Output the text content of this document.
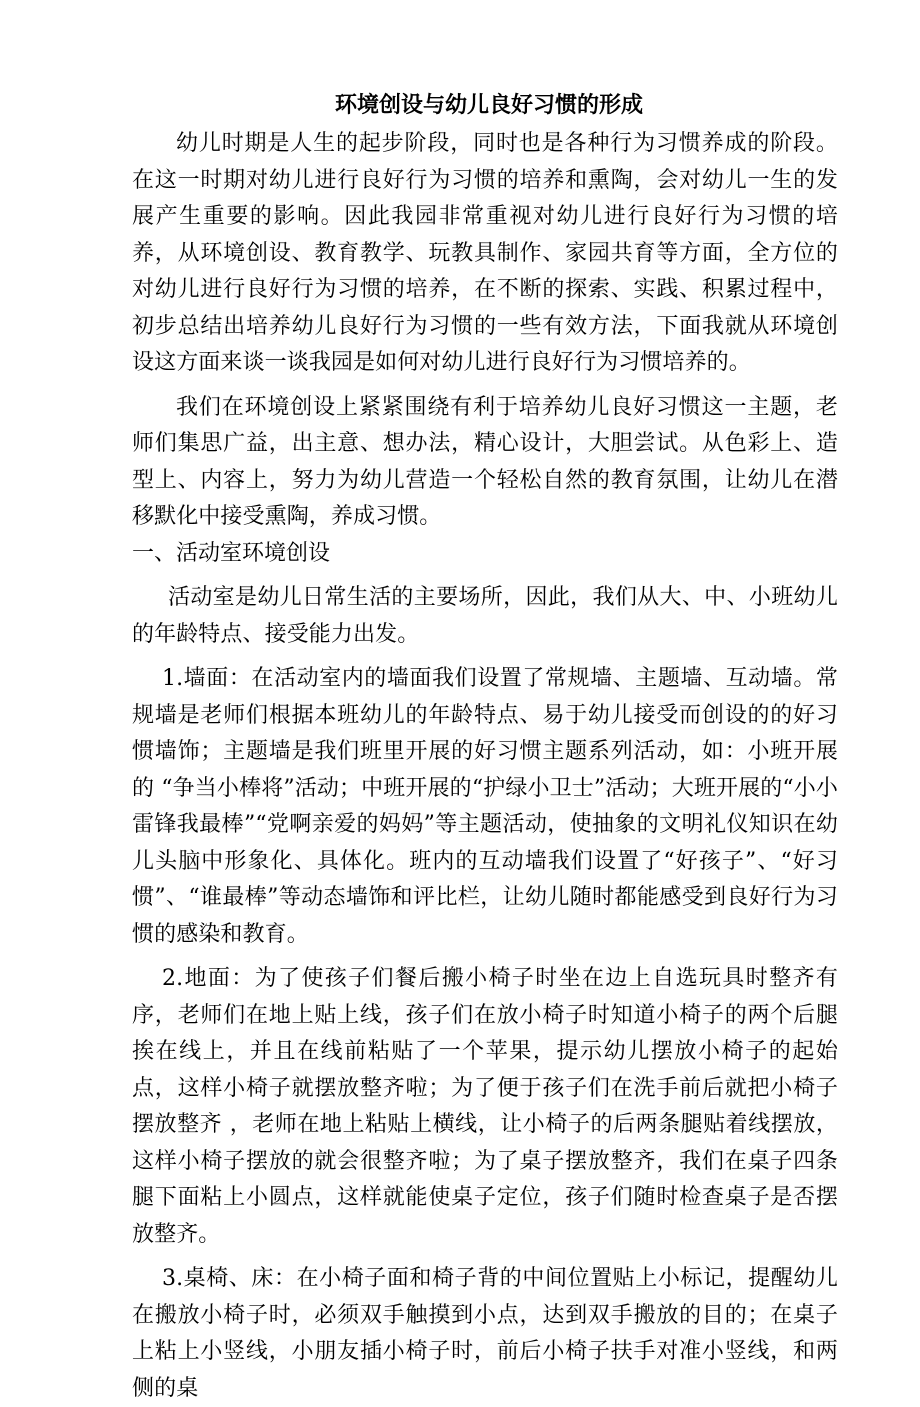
环境创设与幼儿良好习惯的形成

幼儿时期是人生的起步阶段，同时也是各种行为习惯养成的阶段。在这一时期对幼儿进行良好行为习惯的培养和熏陶，会对幼儿一生的发展产生重要的影响。因此我园非常重视对幼儿进行良好行为习惯的培养，从环境创设、教育教学、玩教具制作、家园共育等方面，全方位的对幼儿进行良好行为习惯的培养，在不断的探索、实践、积累过程中，初步总结出培养幼儿良好行为习惯的一些有效方法，下面我就从环境创设这方面来谈一谈我园是如何对幼儿进行良好行为习惯培养的。

我们在环境创设上紧紧围绕有利于培养幼儿良好习惯这一主题，老师们集思广益，出主意、想办法，精心设计，大胆尝试。从色彩上、造型上、内容上，努力为幼儿营造一个轻松自然的教育氛围，让幼儿在潜移默化中接受熏陶，养成习惯。

一、活动室环境创设

活动室是幼儿日常生活的主要场所，因此，我们从大、中、小班幼儿的年龄特点、接受能力出发。

1.墙面：在活动室内的墙面我们设置了常规墙、主题墙、互动墙。常规墙是老师们根据本班幼儿的年龄特点、易于幼儿接受而创设的的好习惯墙饰；主题墙是我们班里开展的好习惯主题系列活动，如：小班开展的 “争当小棒将”活动；中班开展的“护绿小卫士”活动；大班开展的“小小雷锋我最棒”“党啊亲爱的妈妈”等主题活动，使抽象的文明礼仪知识在幼儿头脑中形象化、具体化。班内的互动墙我们设置了“好孩子”、“好习惯”、“谁最棒”等动态墙饰和评比栏，让幼儿随时都能感受到良好行为习惯的感染和教育。

2.地面：为了使孩子们餐后搬小椅子时坐在边上自选玩具时整齐有序，老师们在地上贴上线，孩子们在放小椅子时知道小椅子的两个后腿挨在线上，并且在线前粘贴了一个苹果，提示幼儿摆放小椅子的起始点，这样小椅子就摆放整齐啦；为了便于孩子们在洗手前后就把小椅子摆放整齐 ，老师在地上粘贴上横线，让小椅子的后两条腿贴着线摆放，这样小椅子摆放的就会很整齐啦；为了桌子摆放整齐，我们在桌子四条腿下面粘上小圆点，这样就能使桌子定位，孩子们随时检查桌子是否摆放整齐。

3.桌椅、床：在小椅子面和椅子背的中间位置贴上小标记，提醒幼儿在搬放小椅子时，必须双手触摸到小点，达到双手搬放的目的；在桌子上粘上小竖线，小朋友插小椅子时，前后小椅子扶手对准小竖线，和两侧的桌
